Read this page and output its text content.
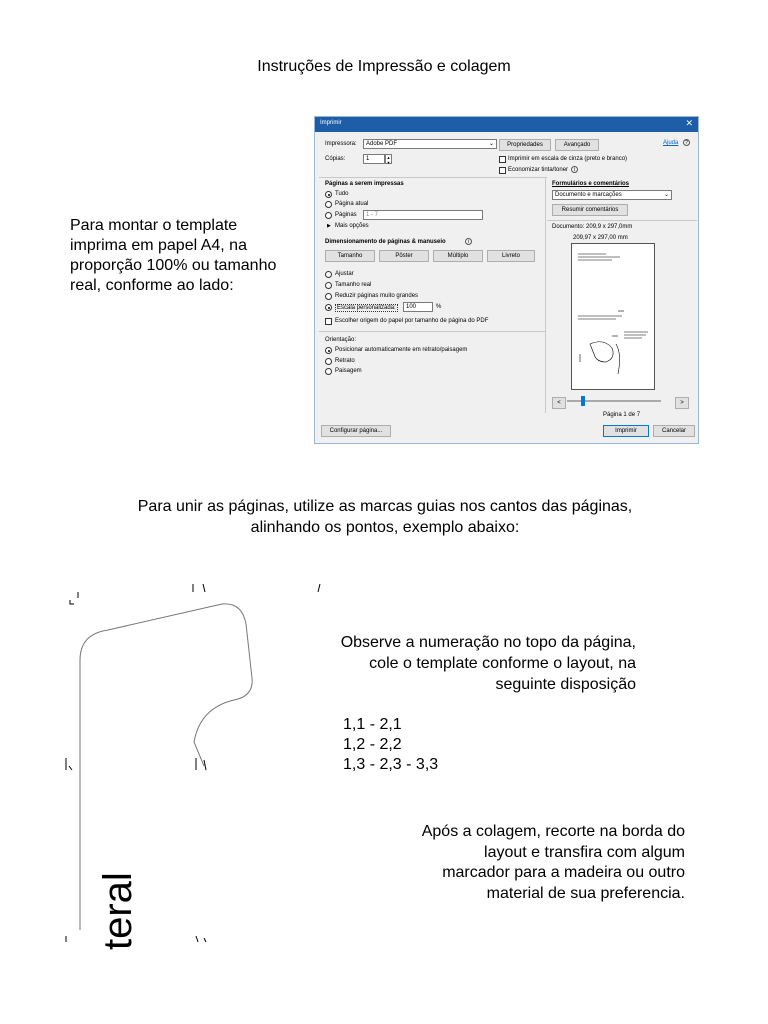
Instruções de Impressão e colagem
Para montar o template imprima em papel A4, na proporção 100% ou tamanho real, conforme ao lado:
Imprimir	✕
Impressora:	Adobe PDF	⌄	Propriedades	Avançado	Ajuda	?
Cópias:	1	▲
▼
Imprimir em escala de cinza (preto e branco)
Economizar tinta/toner	i
Páginas a serem impressas
Tudo
Página atual
Páginas	1 - 7
▶ Mais opções
Dimensionamento de páginas & manuseio	i
Tamanho	Pôster	Múltiplo	Livreto
Ajustar
Tamanho real
Reduzir páginas muito grandes
Escala personalizada:	100	%
Escolher origem do papel por tamanho de página do PDF
Orientação:
Posicionar automaticamente em retrato/paisagem
Retrato
Paisagem
Formulários e comentários
Documento e marcações	⌄
Resumir comentários
Documento: 209,9 x 297,0mm
209,97 x 297,00 mm
<	>
Página 1 de 7
Configurar página...	Imprimir	Cancelar
Para unir as páginas, utilize as marcas guias nos cantos das páginas, alinhando os pontos, exemplo abaixo:
teral
Observe a numeração no topo da página, cole o template conforme o layout, na seguinte disposição
1,1 - 2,1
1,2 - 2,2
1,3 - 2,3 - 3,3
Após a colagem, recorte na borda do layout e transfira com algum marcador para a madeira ou outro material de sua preferencia.
